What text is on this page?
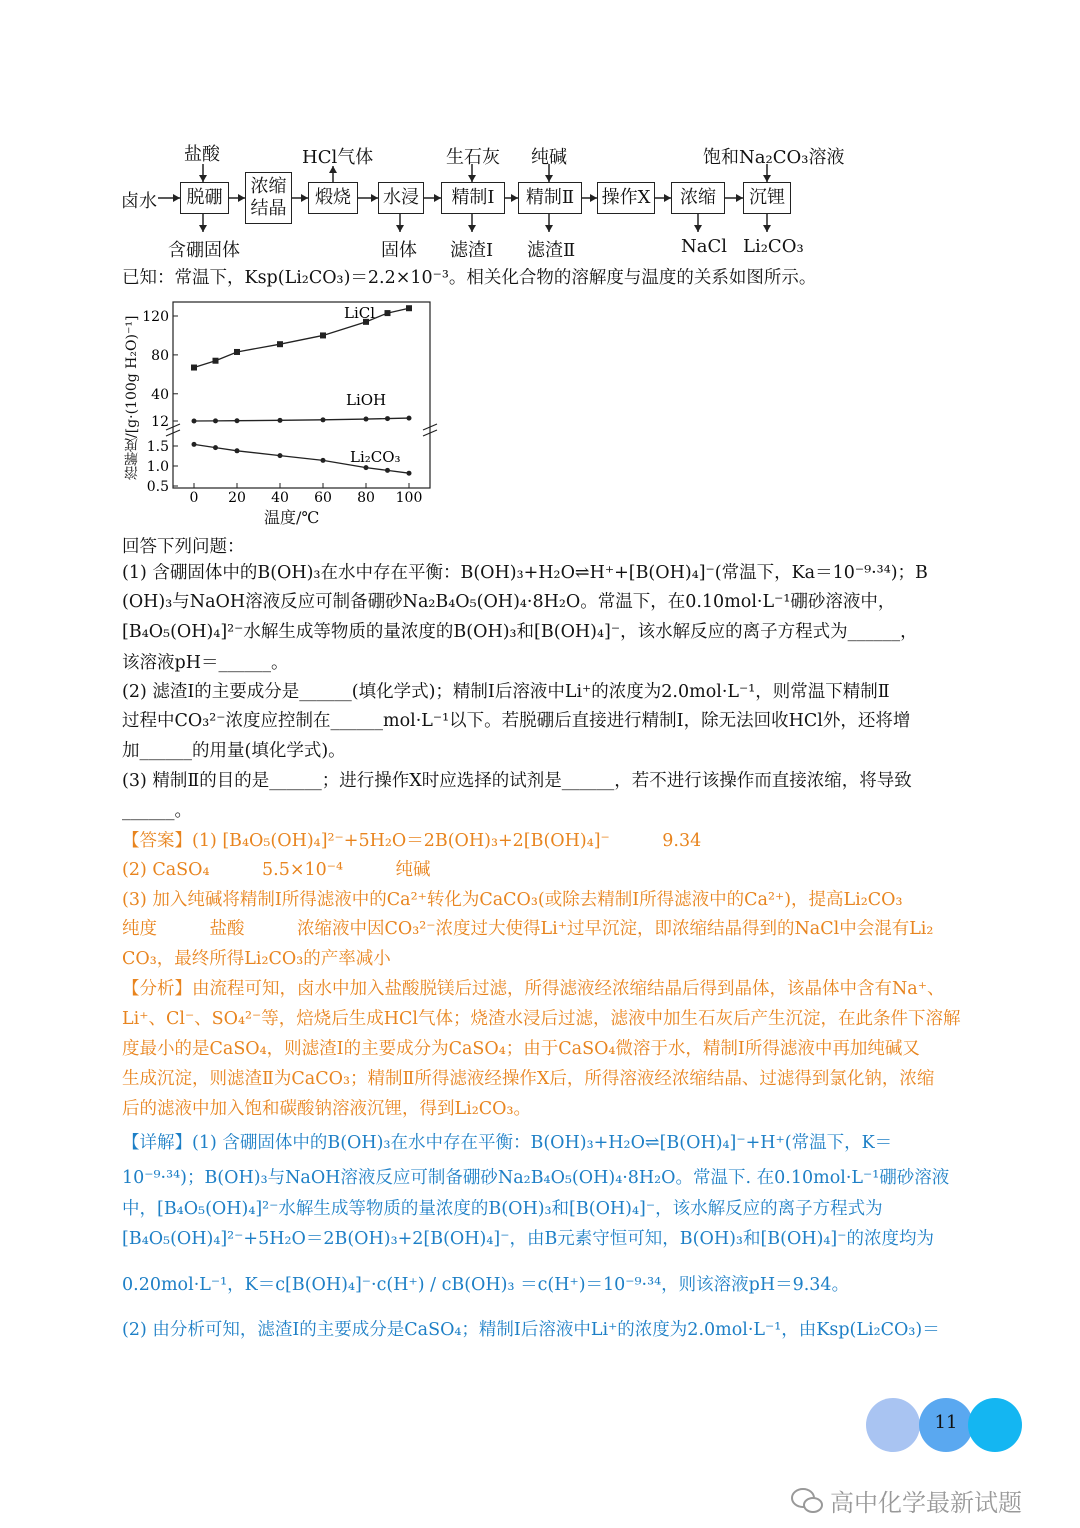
脱硼
浓缩
结晶
煅烧	水浸	精制Ⅰ	精制Ⅱ	操作X	浓缩	沉锂
卤水
盐酸	HCl气体	生石灰 纯碱	饱和Na₂CO₃溶液
含硼固体	固体 滤渣Ⅰ 滤渣Ⅱ	NaCl Li₂CO₃
已知：常温下，Ksp(Li₂CO₃)＝2.2×10⁻³。相关化合物的溶解度与温度的关系如图所示。
0 20 40 60 80 100
12
40
80
120
0.5
1.0
1.5
LiCl
LiOH
Li₂CO₃
溶解度/[g·(100g H₂O)⁻¹]
温度/℃
回答下列问题：
(1) 含硼固体中的B(OH)₃在水中存在平衡：B(OH)₃+H₂O⇌H⁺+[B(OH)₄]⁻(常温下，Ka＝10⁻⁹·³⁴)；B
(OH)₃与NaOH溶液反应可制备硼砂Na₂B₄O₅(OH)₄·8H₂O。常温下，在0.10mol·L⁻¹硼砂溶液中，
[B₄O₅(OH)₄]²⁻水解生成等物质的量浓度的B(OH)₃和[B(OH)₄]⁻，该水解反应的离子方程式为______，
该溶液pH＝______。
(2) 滤渣Ⅰ的主要成分是______(填化学式)；精制Ⅰ后溶液中Li⁺的浓度为2.0mol·L⁻¹，则常温下精制Ⅱ
过程中CO₃²⁻浓度应控制在______mol·L⁻¹以下。若脱硼后直接进行精制Ⅰ，除无法回收HCl外，还将增
加______的用量(填化学式)。
(3) 精制Ⅱ的目的是______；进行操作X时应选择的试剂是______，若不进行该操作而直接浓缩，将导致
______。
【答案】(1) [B₄O₅(OH)₄]²⁻+5H₂O＝2B(OH)₃+2[B(OH)₄]⁻　　　9.34
(2) CaSO₄　　　5.5×10⁻⁴　　　纯碱
(3) 加入纯碱将精制Ⅰ所得滤液中的Ca²⁺转化为CaCO₃(或除去精制Ⅰ所得滤液中的Ca²⁺)，提高Li₂CO₃
纯度　　　盐酸　　　浓缩液中因CO₃²⁻浓度过大使得Li⁺过早沉淀，即浓缩结晶得到的NaCl中会混有Li₂
CO₃，最终所得Li₂CO₃的产率减小
【分析】由流程可知，卤水中加入盐酸脱镁后过滤，所得滤液经浓缩结晶后得到晶体，该晶体中含有Na⁺、
Li⁺、Cl⁻、SO₄²⁻等，焙烧后生成HCl气体；烧渣水浸后过滤，滤液中加生石灰后产生沉淀，在此条件下溶解
度最小的是CaSO₄，则滤渣Ⅰ的主要成分为CaSO₄；由于CaSO₄微溶于水，精制Ⅰ所得滤液中再加纯碱又
生成沉淀，则滤渣Ⅱ为CaCO₃；精制Ⅱ所得滤液经操作X后，所得溶液经浓缩结晶、过滤得到氯化钠，浓缩
后的滤液中加入饱和碳酸钠溶液沉锂，得到Li₂CO₃。
【详解】(1) 含硼固体中的B(OH)₃在水中存在平衡：B(OH)₃+H₂O⇌[B(OH)₄]⁻+H⁺(常温下，K＝
10⁻⁹·³⁴)；B(OH)₃与NaOH溶液反应可制备硼砂Na₂B₄O₅(OH)₄·8H₂O。常温下. 在0.10mol·L⁻¹硼砂溶液
中，[B₄O₅(OH)₄]²⁻水解生成等物质的量浓度的B(OH)₃和[B(OH)₄]⁻，该水解反应的离子方程式为
[B₄O₅(OH)₄]²⁻+5H₂O＝2B(OH)₃+2[B(OH)₄]⁻，由B元素守恒可知，B(OH)₃和[B(OH)₄]⁻的浓度均为
0.20mol·L⁻¹，K＝c[B(OH)₄]⁻·c(H⁺) / cB(OH)₃ ＝c(H⁺)＝10⁻⁹·³⁴，则该溶液pH＝9.34。
(2) 由分析可知，滤渣I的主要成分是CaSO₄；精制I后溶液中Li⁺的浓度为2.0mol·L⁻¹，由Ksp(Li₂CO₃)＝
11
高中化学最新试题
